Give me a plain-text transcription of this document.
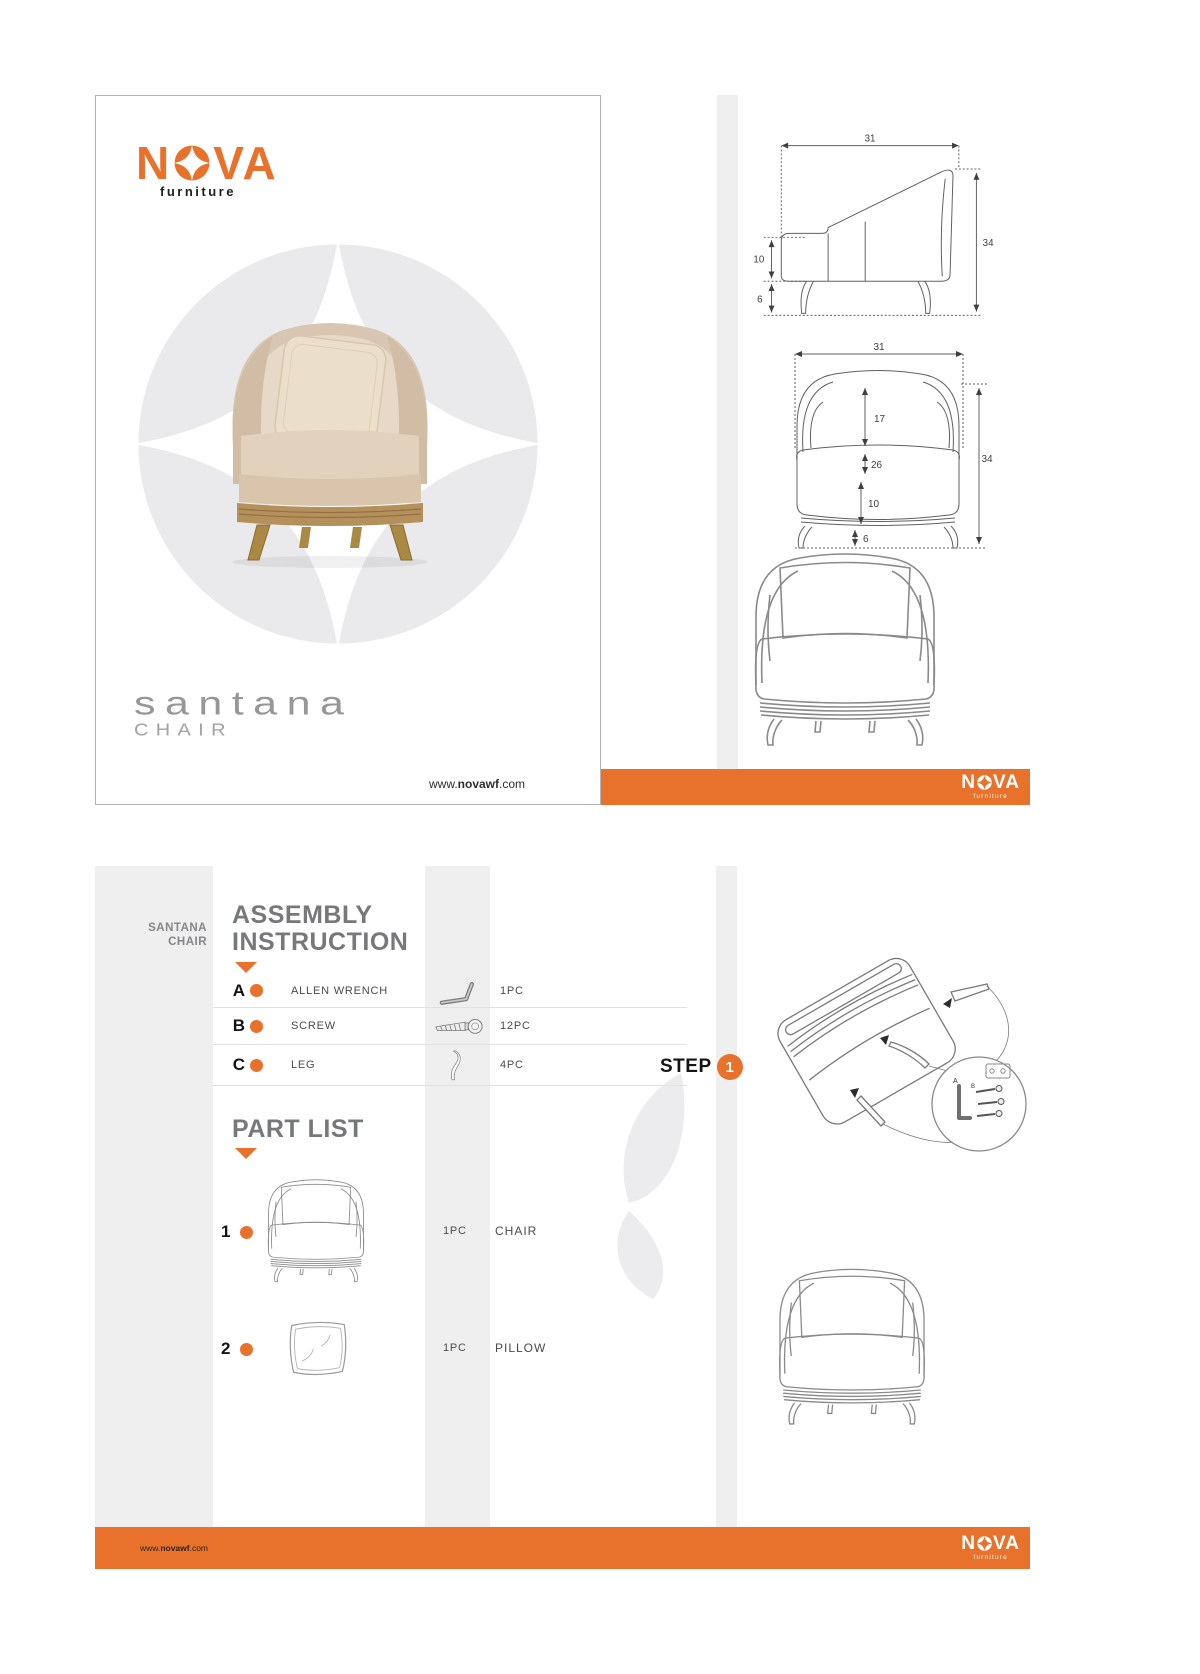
N VA
furniture
santana
CHAIR
www.novawf.com
31
34
10
6
31
17
26
10
34
6
N VA
furniture
SANTANA
CHAIR
ASSEMBLY
INSTRUCTION
A	ALLEN WRENCH	1PC
B	SCREW	12PC
C	LEG	4PC
PART LIST
1	1PC CHAIR
2	1PC PILLOW
STEP 1
A
B
www.novawf.com	N VA
furniture
